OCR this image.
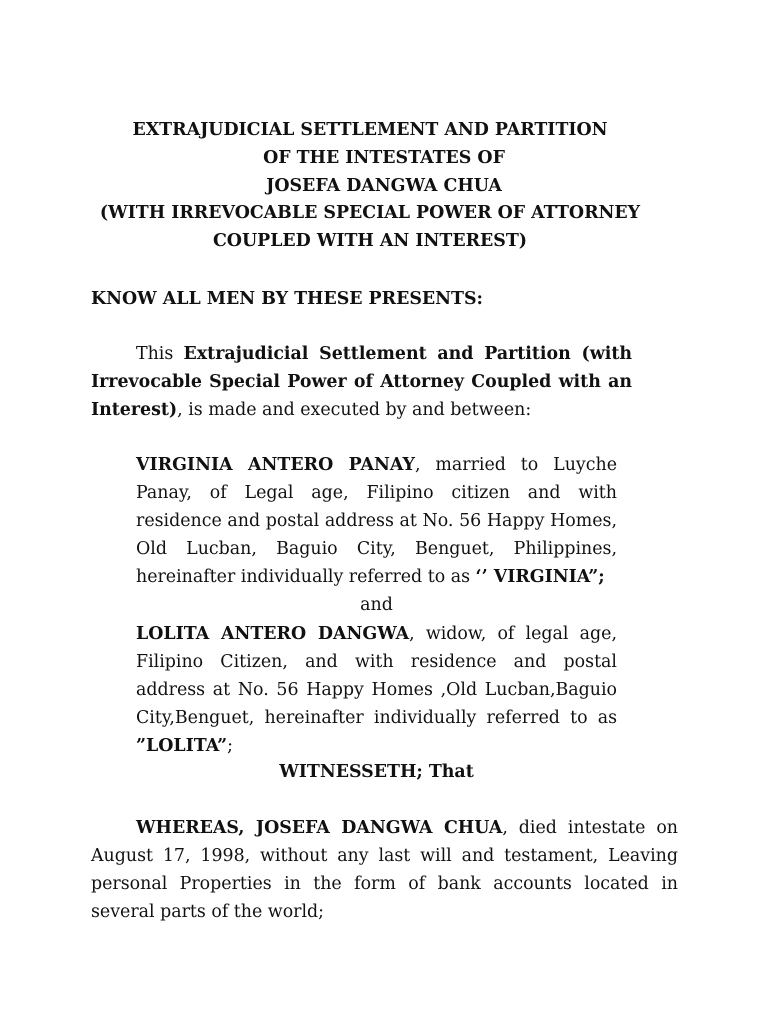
EXTRAJUDICIAL SETTLEMENT AND PARTITION
OF THE INTESTATES OF
JOSEFA DANGWA CHUA
(WITH IRREVOCABLE SPECIAL POWER OF ATTORNEY
COUPLED WITH AN INTEREST)
KNOW ALL MEN BY THESE PRESENTS:
This Extrajudicial Settlement and Partition (with Irrevocable Special Power of Attorney Coupled with an Interest), is made and executed by and between:
VIRGINIA ANTERO PANAY, married to Luyche Panay, of Legal age, Filipino citizen and with residence and postal address at No. 56 Happy Homes, Old Lucban, Baguio City, Benguet, Philippines, hereinafter individually referred to as ‘’ VIRGINIA”;
and
LOLITA ANTERO DANGWA, widow, of legal age, Filipino Citizen, and with residence and postal address at No. 56 Happy Homes ,Old Lucban,Baguio City,Benguet, hereinafter individually referred to as ”LOLITA”;
WITNESSETH; That
WHEREAS, JOSEFA DANGWA CHUA, died intestate on August 17, 1998, without any last will and testament, Leaving personal Properties in the form of bank accounts located in several parts of the world;
